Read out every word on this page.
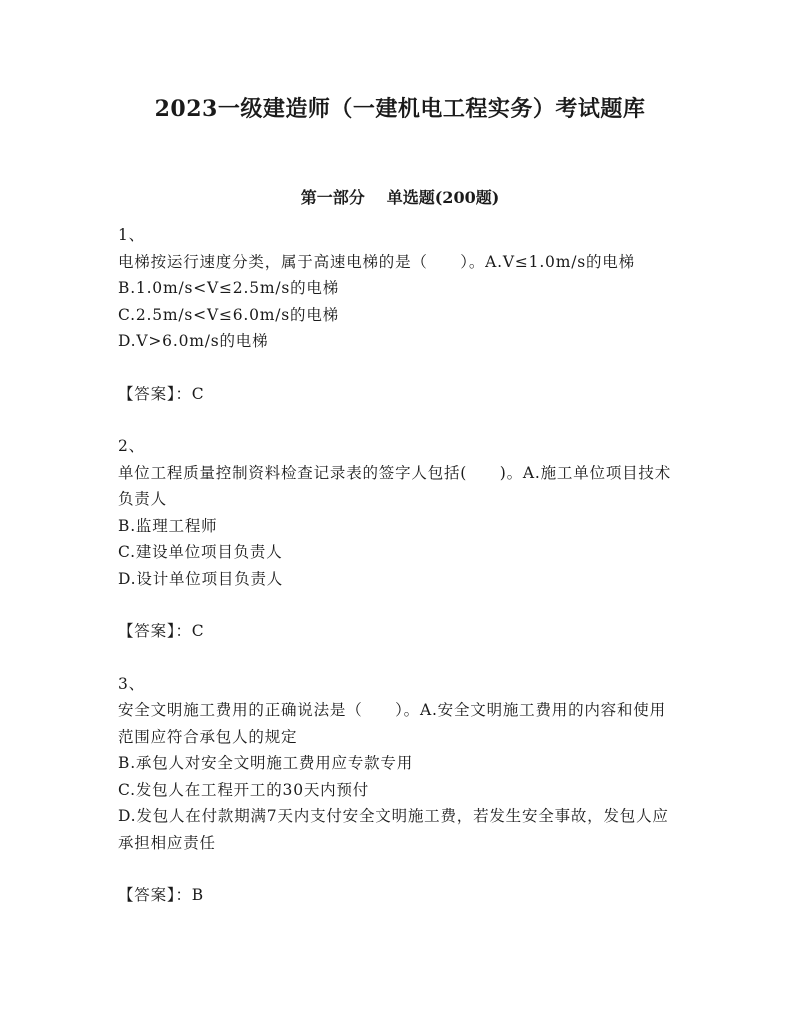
2023一级建造师（一建机电工程实务）考试题库
第一部分 单选题(200题)

1、

电梯按运行速度分类，属于高速电梯的是（　　）。A.V≤1.0m/s的电梯

B.1.0m/s<V≤2.5m/s的电梯

C.2.5m/s<V≤6.0m/s的电梯

D.V>6.0m/s的电梯

【答案】：C

2、

单位工程质量控制资料检查记录表的签字人包括(　　)。A.施工单位项目技术负责人

B.监理工程师

C.建设单位项目负责人

D.设计单位项目负责人

【答案】：C

3、

安全文明施工费用的正确说法是（　　）。A.安全文明施工费用的内容和使用范围应符合承包人的规定

B.承包人对安全文明施工费用应专款专用

C.发包人在工程开工的30天内预付

D.发包人在付款期满7天内支付安全文明施工费，若发生安全事故，发包人应承担相应责任

【答案】：B
